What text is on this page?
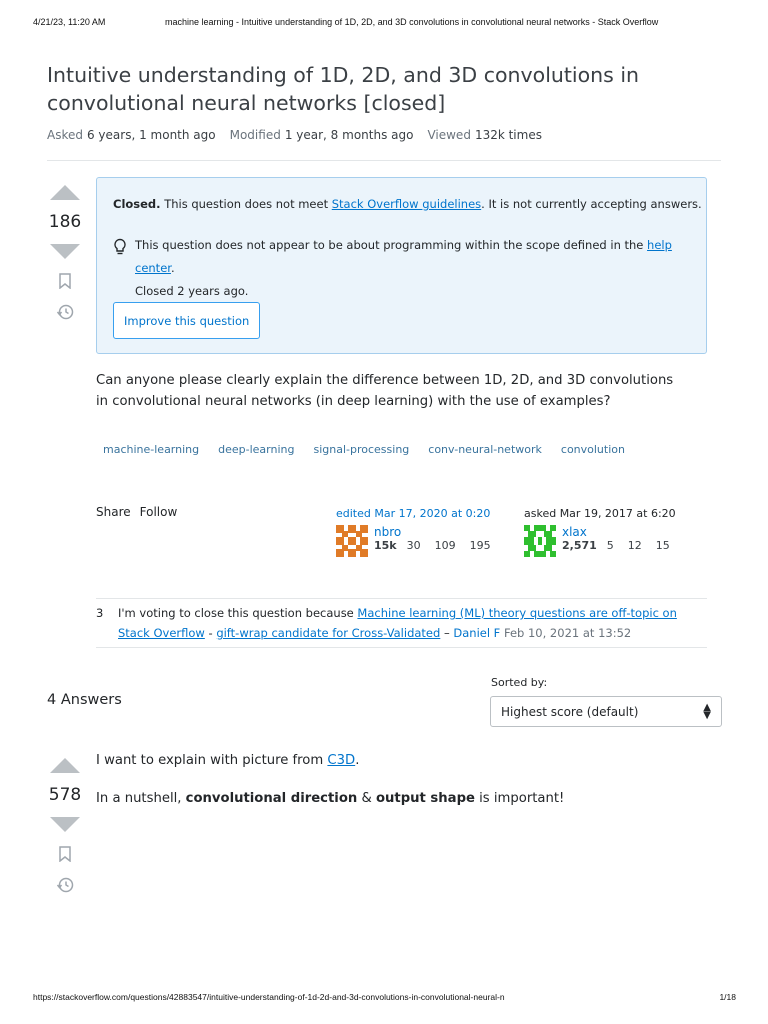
4/21/23, 11:20 AM	machine learning - Intuitive understanding of 1D, 2D, and 3D convolutions in convolutional neural networks - Stack Overflow
Intuitive understanding of 1D, 2D, and 3D convolutions in convolutional neural networks [closed]
Asked 6 years, 1 month ago Modified 1 year, 8 months ago Viewed 132k times
186
Closed. This question does not meet Stack Overflow guidelines. It is not currently accepting answers.
This question does not appear to be about programming within the scope defined in the help center.
Closed 2 years ago.
Improve this question
Can anyone please clearly explain the difference between 1D, 2D, and 3D convolutions in convolutional neural networks (in deep learning) with the use of examples?
machine-learning	deep-learning	signal-processing	conv-neural-network	convolution
Share Follow	edited Mar 17, 2020 at 0:20
nbro
15k 30 109 195
asked Mar 19, 2017 at 6:20
xlax
2,571 5 12 15
3	I'm voting to close this question because Machine learning (ML) theory questions are off-topic on Stack Overflow - gift-wrap candidate for Cross-Validated – Daniel F Feb 10, 2021 at 13:52
4 Answers
Sorted by:
Highest score (default)	▲
▼
578
I want to explain with picture from C3D.
In a nutshell, convolutional direction & output shape is important!
https://stackoverflow.com/questions/42883547/intuitive-understanding-of-1d-2d-and-3d-convolutions-in-convolutional-neural-n	1/18
